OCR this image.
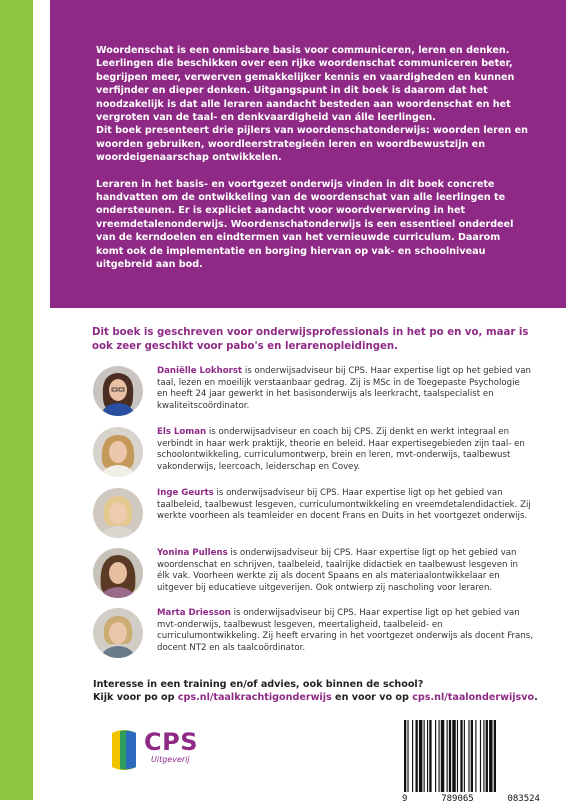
Woordenschat is een onmisbare basis voor communiceren, leren en denken. Leerlingen die beschikken over een rijke woordenschat communiceren beter, begrijpen meer, verwerven gemakkelijker kennis en vaardigheden en kunnen verfijnder en dieper denken. Uitgangspunt in dit boek is daarom dat het noodzakelijk is dat alle leraren aandacht besteden aan woordenschat en het vergroten van de taal- en denkvaardigheid van álle leerlingen.

Dit boek presenteert drie pijlers van woordenschatonderwijs: woorden leren en woorden gebruiken, woordleerstrategieën leren en woordbewustzijn en woordeigenaarschap ontwikkelen.

Leraren in het basis- en voortgezet onderwijs vinden in dit boek concrete handvatten om de ontwikkeling van de woordenschat van alle leerlingen te ondersteunen. Er is expliciet aandacht voor woordverwerving in het vreemdetalenonderwijs. Woordenschatonderwijs is een essentieel onderdeel van de kerndoelen en eindtermen van het vernieuwde curriculum. Daarom komt ook de implementatie en borging hiervan op vak- en schoolniveau uitgebreid aan bod.

Dit boek is geschreven voor onderwijsprofessionals in het po en vo, maar is ook zeer geschikt voor pabo's en lerarenopleidingen.
Daniëlle Lokhorst is onderwijsadviseur bij CPS. Haar expertise ligt op het gebied van taal, lezen en moeilijk verstaanbaar gedrag. Zij is MSc in de Toegepaste Psychologie en heeft 24 jaar gewerkt in het basisonderwijs als leerkracht, taalspecialist en kwaliteitscoördinator.
Els Loman is onderwijsadviseur en coach bij CPS. Zij denkt en werkt integraal en verbindt in haar werk praktijk, theorie en beleid. Haar expertisegebieden zijn taal- en schoolontwikkeling, curriculumontwerp, brein en leren, mvt-onderwijs, taalbewust vakonderwijs, leercoach, leiderschap en Covey.
Inge Geurts is onderwijsadviseur bij CPS. Haar expertise ligt op het gebied van taalbeleid, taalbewust lesgeven, curriculumontwikkeling en vreemdetalendidactiek. Zij werkte voorheen als teamleider en docent Frans en Duits in het voortgezet onderwijs.
Yonina Pullens is onderwijsadviseur bij CPS. Haar expertise ligt op het gebied van woordenschat en schrijven, taalbeleid, taalrijke didactiek en taalbewust lesgeven in élk vak. Voorheen werkte zij als docent Spaans en als materiaalontwikkelaar en uitgever bij educatieve uitgeverijen. Ook ontwierp zij nascholing voor leraren.
Marta Driesson is onderwijsadviseur bij CPS. Haar expertise ligt op het gebied van mvt-onderwijs, taalbewust lesgeven, meertaligheid, taalbeleid- en curriculumontwikkeling. Zij heeft ervaring in het voortgezet onderwijs als docent Frans, docent NT2 en als taalcoördinator.
Interesse in een training en/of advies, ook binnen de school?
Kijk voor po op cps.nl/taalkrachtigonderwijs en voor vo op cps.nl/taalonderwijsvo.
CPS
Uitgeverij
9	789065	083524
